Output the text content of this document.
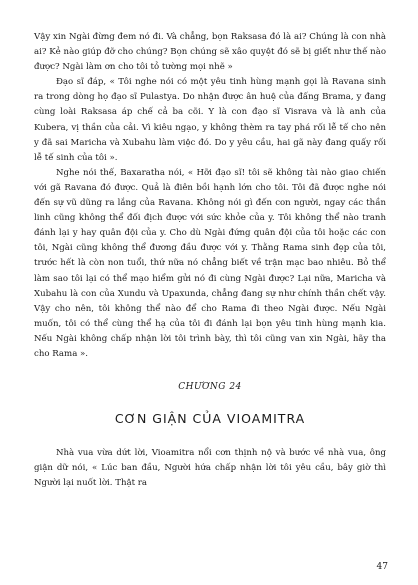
Vậy xin Ngài đừng đem nó đi. Và chẳng, bọn Raksasa đó là ai? Chúng là con nhà ai? Kẻ nào giúp đỡ cho chúng? Bọn chúng sẽ xâo quyệt đó sẽ bị giết như thế nào được? Ngài làm ơn cho tôi tỏ tường mọi nhẽ »

Đạo sĩ đáp, « Tôi nghe nói có một yêu tinh hùng mạnh gọi là Ravana sinh ra trong dòng họ đạo sĩ Pulastya. Do nhận được ân huệ của đấng Brama, y đang cùng loài Raksasa áp chế cả ba cõi. Y là con đạo sĩ Visrava và là anh của Kubera, vị thần của cải. Vì kiêu ngạo, y không thèm ra tay phá rối lễ tế cho nên y đã sai Maricha và Xubahu làm việc đó. Do y yêu cầu, hai gã này đang quấy rối lễ tế sinh của tôi ».

Nghe nói thế, Baxaratha nói, « Hỡi đạo sĩ! tôi sẽ không tài nào giao chiến với gã Ravana đó được. Quả là điên bồi hạnh lớn cho tôi. Tôi đã được nghe nói đến sự vũ dũng ra lắng của Ravana. Không nói gì đến con người, ngay các thần linh cũng không thể đối địch được với sức khỏe của y. Tôi không thể nào tranh đánh lại y hay quân đội của y. Cho dù Ngài đứng quân đội của tôi hoặc các con tôi, Ngài cũng không thể đương đầu được với y. Thằng Rama sinh đẹp của tôi, trước hết là còn non tuổi, thứ nữa nó chẳng biết về trận mạc bao nhiêu. Bỏ thể làm sao tôi lại có thể mạo hiểm gửi nó đi cùng Ngài được? Lại nữa, Maricha và Xubahu là con của Xundu và Upaxunda, chẳng đang sự như chính thần chết vậy. Vậy cho nên, tôi không thể nào để cho Rama đi theo Ngài được. Nếu Ngài muốn, tôi có thể cùng thể hạ của tôi đi đánh lại bọn yêu tinh hùng mạnh kia. Nếu Ngài không chấp nhận lời tôi trình bày, thì tôi cũng van xin Ngài, hãy tha cho Rama ».

CHƯƠNG 24
CƠN GIẬN CỦA VIOAMITRA

Nhà vua vừa dứt lời, Vioamitra nổi cơn thịnh nộ và bước về nhà vua, ông giận dữ nói, « Lúc ban đầu, Người hứa chấp nhận lời tôi yêu cầu, bây giờ thì Người lại nuốt lời. Thật ra

47
